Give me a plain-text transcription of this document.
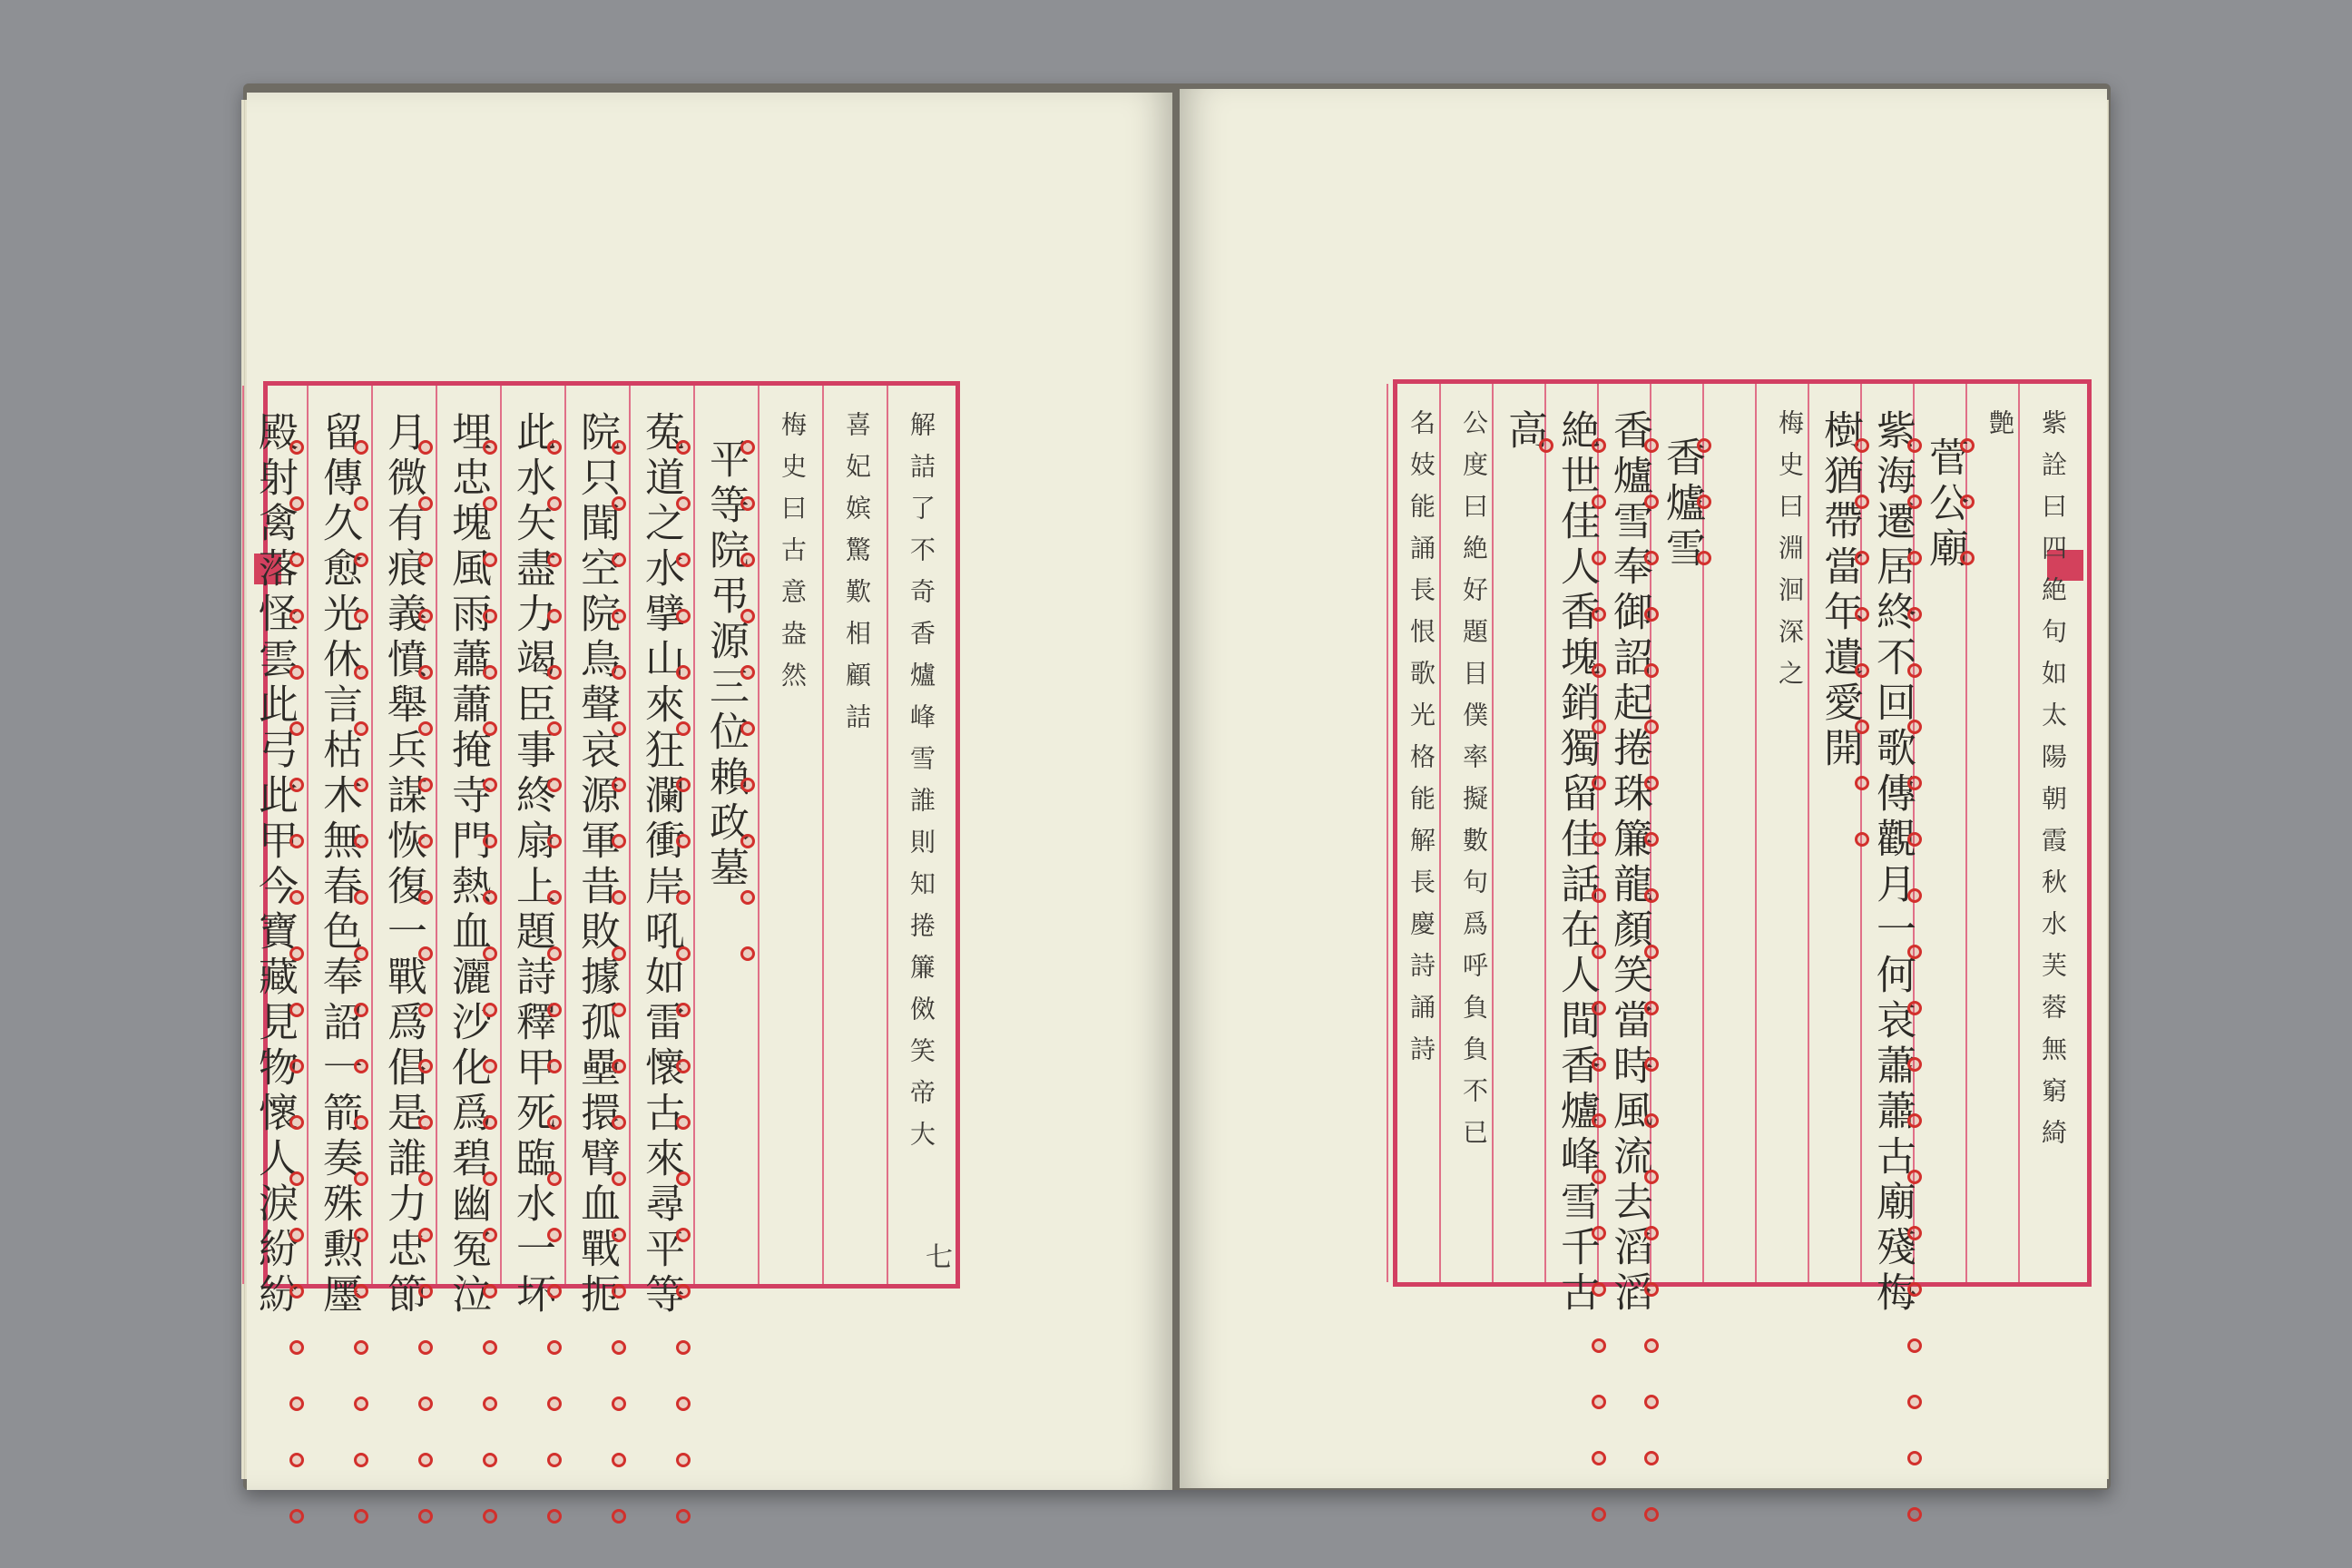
七
解詰了不奇香爐峰雪誰則知捲簾傚笑帝大
喜妃嫔驚歎相顧詰
梅史曰古意盎然
平等院弔源三位賴政墓
菟道之水擘山來狂瀾衝岸吼如雷懷古來尋平等
院只聞空院鳥聲哀源軍昔敗據孤壘擐臂血戰扼
此水矢盡力竭臣事終扇上題詩釋甲死臨水一坏
埋忠塊風雨蕭蕭掩寺門熱血灑沙化爲碧幽冤泣
月微有痕義憤舉兵謀恢復一戰爲倡是誰力忠節
留傳久愈光休言枯木無春色奉詔一箭奏殊勲㕓
殿射禽落怪雲此弓此甲今寶藏見物懷人淚紛紛	紫詮曰四絶句如太陽朝霞秋水芙蓉無窮綺
艶
菅公廟
紫海遷居終不回歌傳觀月一何哀蕭蕭古廟殘梅
樹猶帶當年遺愛開
梅史曰淵洄深之
香爐雪
香爐雪奉御詔起捲珠簾龍顏笑當時風流去滔滔
絶世佳人香塊銷獨留佳話在人間香爐峰雪千古
高
公度曰絶好題目僕率擬數句爲呼負負不已
名妓能誦長恨歌光格能解長慶詩誦詩
